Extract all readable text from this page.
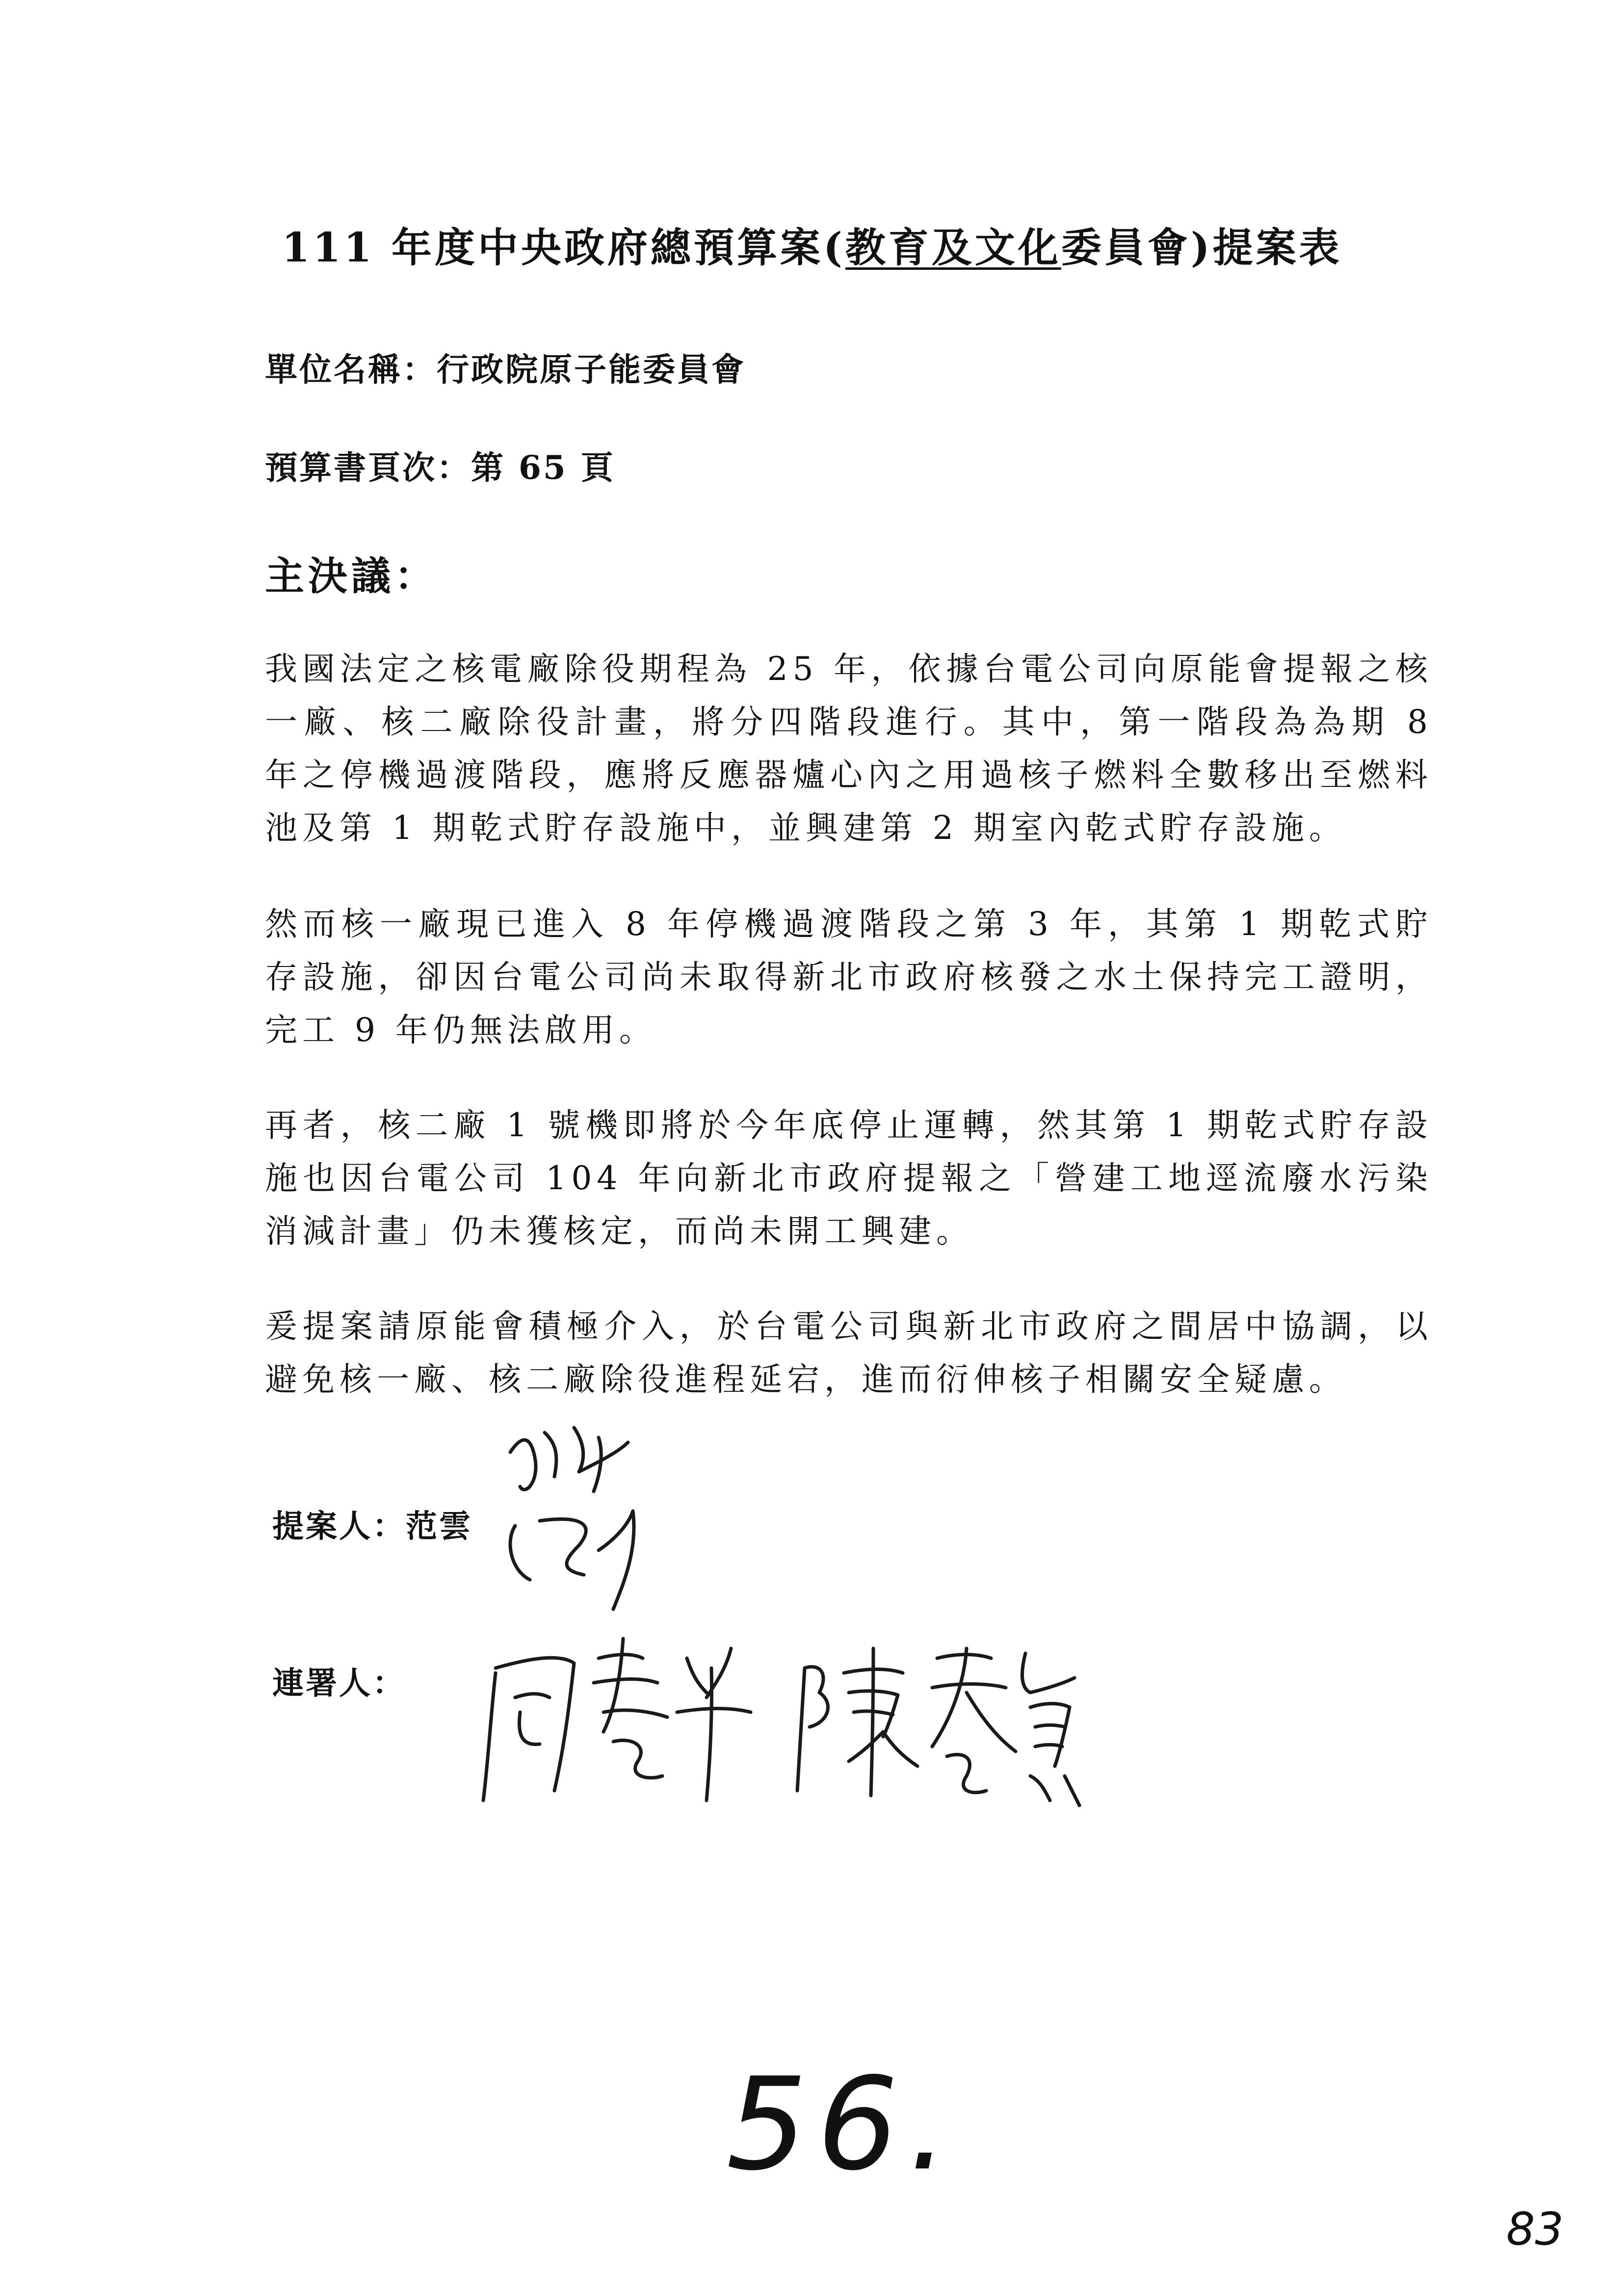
111 年度中央政府總預算案(教育及文化委員會)提案表
單位名稱：行政院原子能委員會
預算書頁次：第 65 頁
主決議：
我國法定之核電廠除役期程為 25 年，依據台電公司向原能會提報之核一廠、核二廠除役計畫，將分四階段進行。其中，第一階段為為期 8 年之停機過渡階段，應將反應器爐心內之用過核子燃料全數移出至燃料池及第 1 期乾式貯存設施中，並興建第 2 期室內乾式貯存設施。
然而核一廠現已進入 8 年停機過渡階段之第 3 年，其第 1 期乾式貯存設施，卻因台電公司尚未取得新北市政府核發之水土保持完工證明，完工 9 年仍無法啟用。
再者，核二廠 1 號機即將於今年底停止運轉，然其第 1 期乾式貯存設施也因台電公司 104 年向新北市政府提報之「營建工地逕流廢水污染消減計畫」仍未獲核定，而尚未開工興建。
爰提案請原能會積極介入，於台電公司與新北市政府之間居中協調，以避免核一廠、核二廠除役進程延宕，進而衍伸核子相關安全疑慮。
提案人：范雲
連署人：
56.
83
